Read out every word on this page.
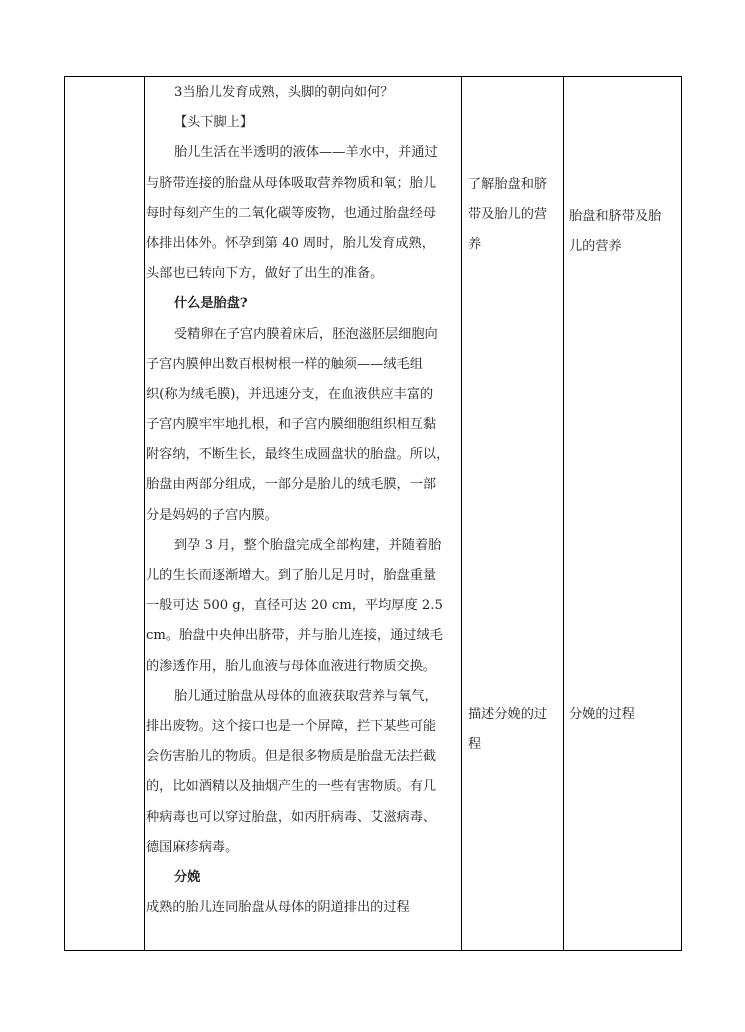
3当胎儿发育成熟，头脚的朝向如何？
【头下脚上】
胎儿生活在半透明的液体——羊水中，并通过
与脐带连接的胎盘从母体吸取营养物质和氧；胎儿
每时每刻产生的二氧化碳等废物，也通过胎盘经母
体排出体外。怀孕到第 40 周时，胎儿发育成熟，
头部也已转向下方，做好了出生的准备。
什么是胎盘?
受精卵在子宫内膜着床后，胚泡滋胚层细胞向
子宫内膜伸出数百根树根一样的触须——绒毛组
织(称为绒毛膜)，并迅速分支，在血液供应丰富的
子宫内膜牢牢地扎根，和子宫内膜细胞组织相互黏
附容纳，不断生长，最终生成圆盘状的胎盘。所以，
胎盘由两部分组成，一部分是胎儿的绒毛膜，一部
分是妈妈的子宫内膜。
到孕 3 月，整个胎盘完成全部构建，并随着胎
儿的生长而逐渐增大。到了胎儿足月时，胎盘重量
一般可达 500 g，直径可达 20 cm，平均厚度 2.5
cm。胎盘中央伸出脐带，并与胎儿连接，通过绒毛
的渗透作用，胎儿血液与母体血液进行物质交换。
胎儿通过胎盘从母体的血液获取营养与氧气，
排出废物。这个接口也是一个屏障，拦下某些可能
会伤害胎儿的物质。但是很多物质是胎盘无法拦截
的，比如酒精以及抽烟产生的一些有害物质。有几
种病毒也可以穿过胎盘，如丙肝病毒、艾滋病毒、
德国麻疹病毒。
分娩
成熟的胎儿连同胎盘从母体的阴道排出的过程
了解胎盘和脐
带及胎儿的营
养
描述分娩的过
程
胎盘和脐带及胎
儿的营养
分娩的过程
